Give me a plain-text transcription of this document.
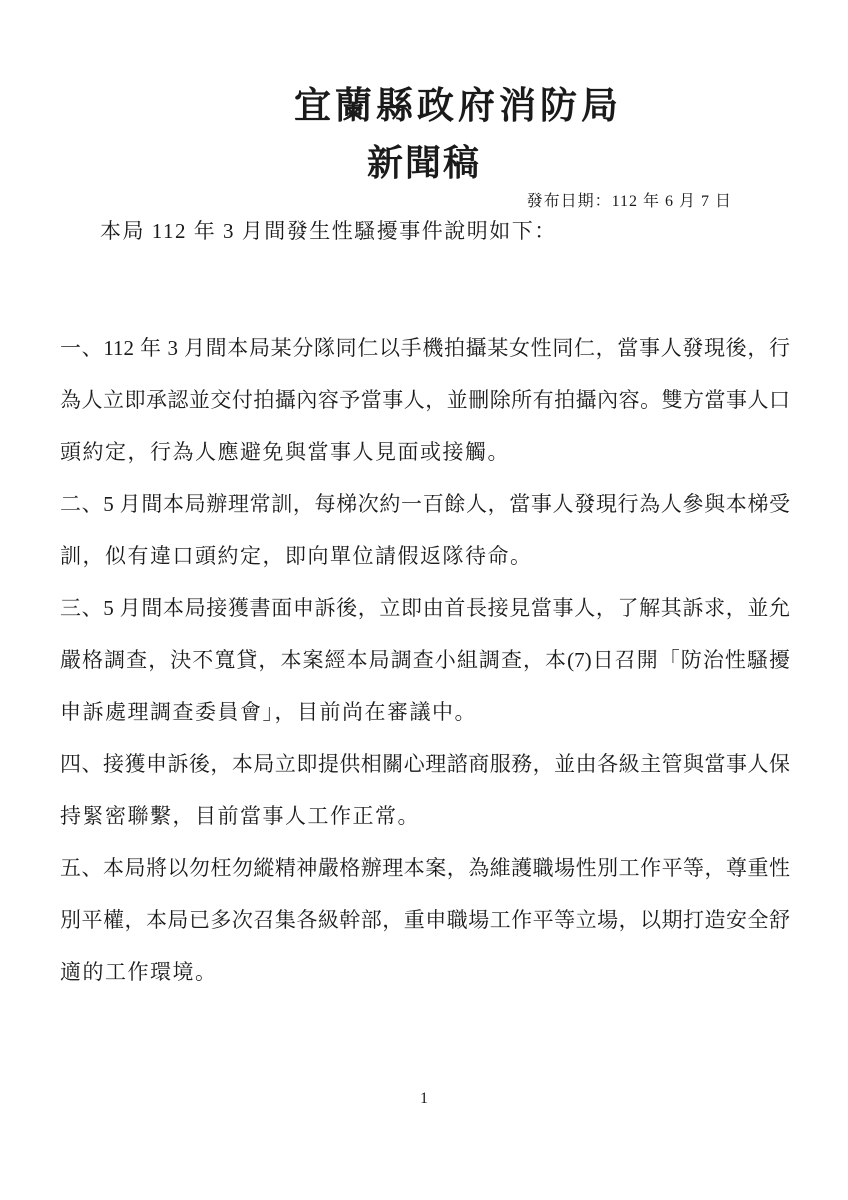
宜蘭縣政府消防局
新聞稿
發布日期：112 年 6 月 7 日

本局 112 年 3 月間發生性騷擾事件說明如下：

一、112 年 3 月間本局某分隊同仁以手機拍攝某女性同仁，當事人發現後，行
為人立即承認並交付拍攝內容予當事人，並刪除所有拍攝內容。雙方當事人口
頭約定，行為人應避免與當事人見面或接觸。
二、5 月間本局辦理常訓，每梯次約一百餘人，當事人發現行為人參與本梯受
訓，似有違口頭約定，即向單位請假返隊待命。
三、5 月間本局接獲書面申訴後，立即由首長接見當事人，了解其訴求，並允
嚴格調查，決不寬貸，本案經本局調查小組調查，本(7)日召開「防治性騷擾
申訴處理調查委員會」，目前尚在審議中。
四、接獲申訴後，本局立即提供相關心理諮商服務，並由各級主管與當事人保
持緊密聯繫，目前當事人工作正常。
五、本局將以勿枉勿縱精神嚴格辦理本案，為維護職場性別工作平等，尊重性
別平權，本局已多次召集各級幹部，重申職場工作平等立場，以期打造安全舒
適的工作環境。
1
